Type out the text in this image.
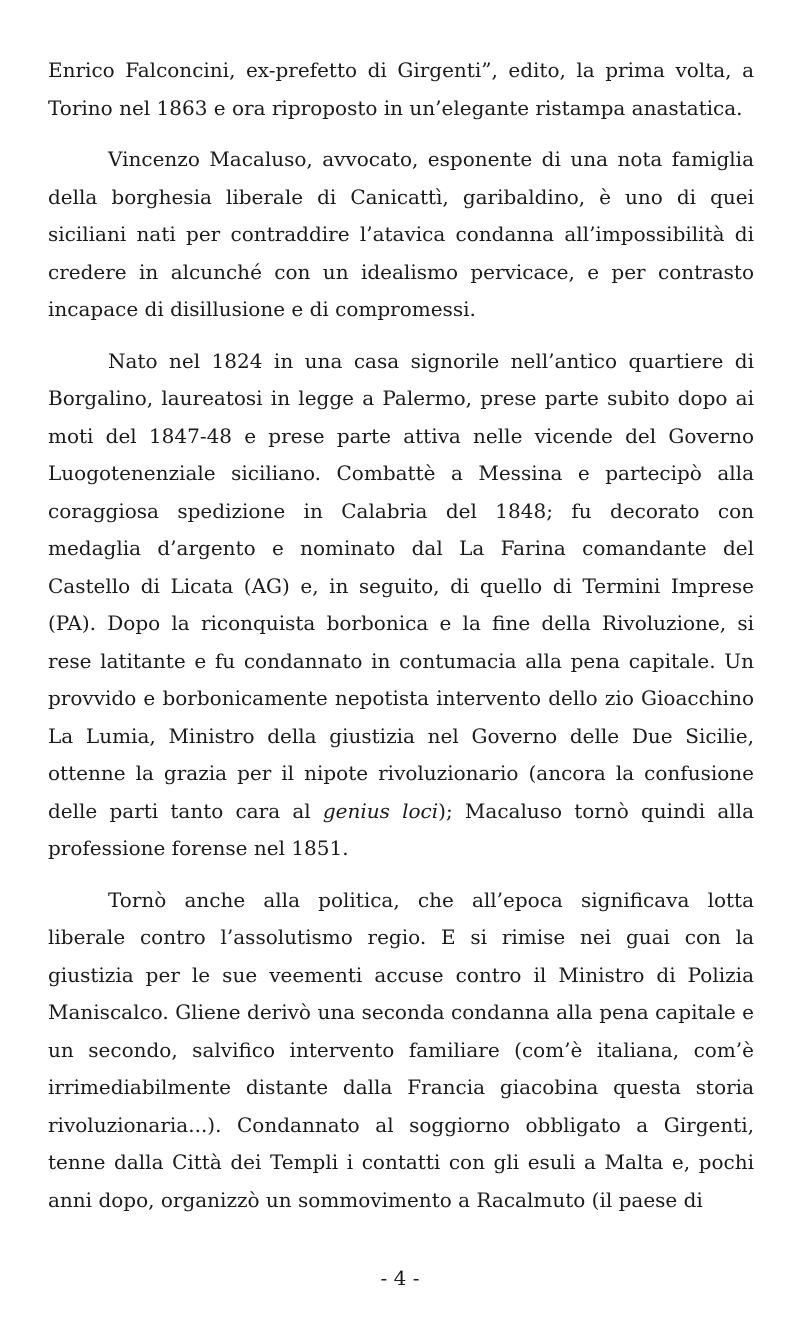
Enrico Falconcini, ex-prefetto di Girgenti”, edito, la prima volta, a Torino nel 1863 e ora riproposto in un’elegante ristampa anastatica.

Vincenzo Macaluso, avvocato, esponente di una nota famiglia della borghesia liberale di Canicattì, garibaldino, è uno di quei siciliani nati per contraddire l’atavica condanna all’impossibilità di credere in alcunché con un idealismo pervicace, e per contrasto incapace di disillusione e di compromessi.

Nato nel 1824 in una casa signorile nell’antico quartiere di Borgalino, laureatosi in legge a Palermo, prese parte subito dopo ai moti del 1847-48 e prese parte attiva nelle vicende del Governo Luogotenenziale siciliano. Combattè a Messina e partecipò alla coraggiosa spedizione in Calabria del 1848; fu decorato con medaglia d’argento e nominato dal La Farina comandante del Castello di Licata (AG) e, in seguito, di quello di Termini Imprese (PA). Dopo la riconquista borbonica e la fine della Rivoluzione, si rese latitante e fu condannato in contumacia alla pena capitale. Un provvido e borbonicamente nepotista intervento dello zio Gioacchino La Lumia, Ministro della giustizia nel Governo delle Due Sicilie, ottenne la grazia per il nipote rivoluzionario (ancora la confusione delle parti tanto cara al genius loci); Macaluso tornò quindi alla professione forense nel 1851.

Tornò anche alla politica, che all’epoca significava lotta liberale contro l’assolutismo regio. E si rimise nei guai con la giustizia per le sue veementi accuse contro il Ministro di Polizia Maniscalco. Gliene derivò una seconda condanna alla pena capitale e un secondo, salvifico intervento familiare (com’è italiana, com’è irrimediabilmente distante dalla Francia giacobina questa storia rivoluzionaria...). Condannato al soggiorno obbligato a Girgenti, tenne dalla Città dei Templi i contatti con gli esuli a Malta e, pochi anni dopo, organizzò un sommovimento a Racalmuto (il paese di

- 4 -
